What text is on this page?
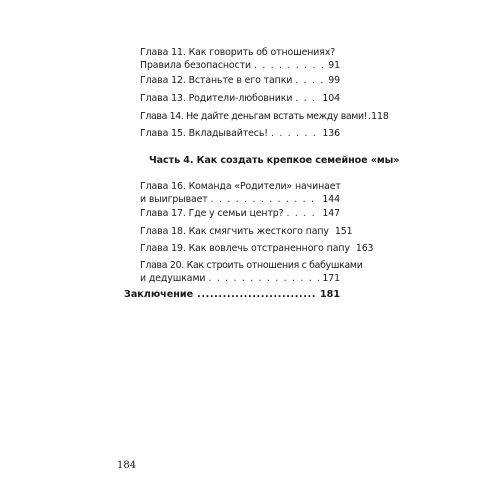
Глава 11. Как говорить об отношениях?
Правила безопасности . . .	91
Глава 12. Встаньте в его тапки . . .	99
Глава 13. Родители-любовники . . .	104
Глава 14. Не дайте деньгам встать между вами! . . . 118
Глава 15. Вкладывайтесь! . . .	136
Часть 4. Как создать крепкое семейное «мы»
Глава 16. Команда «Родители» начинает
и выигрывает . . .	144
Глава 17. Где у семьи центр? . . .	147
Глава 18. Как смягчить жесткого папу 151
Глава 19. Как вовлечь отстраненного папу 163
Глава 20. Как строить отношения с бабушками
и дедушками . . .	171
Заключение .....	181
184
